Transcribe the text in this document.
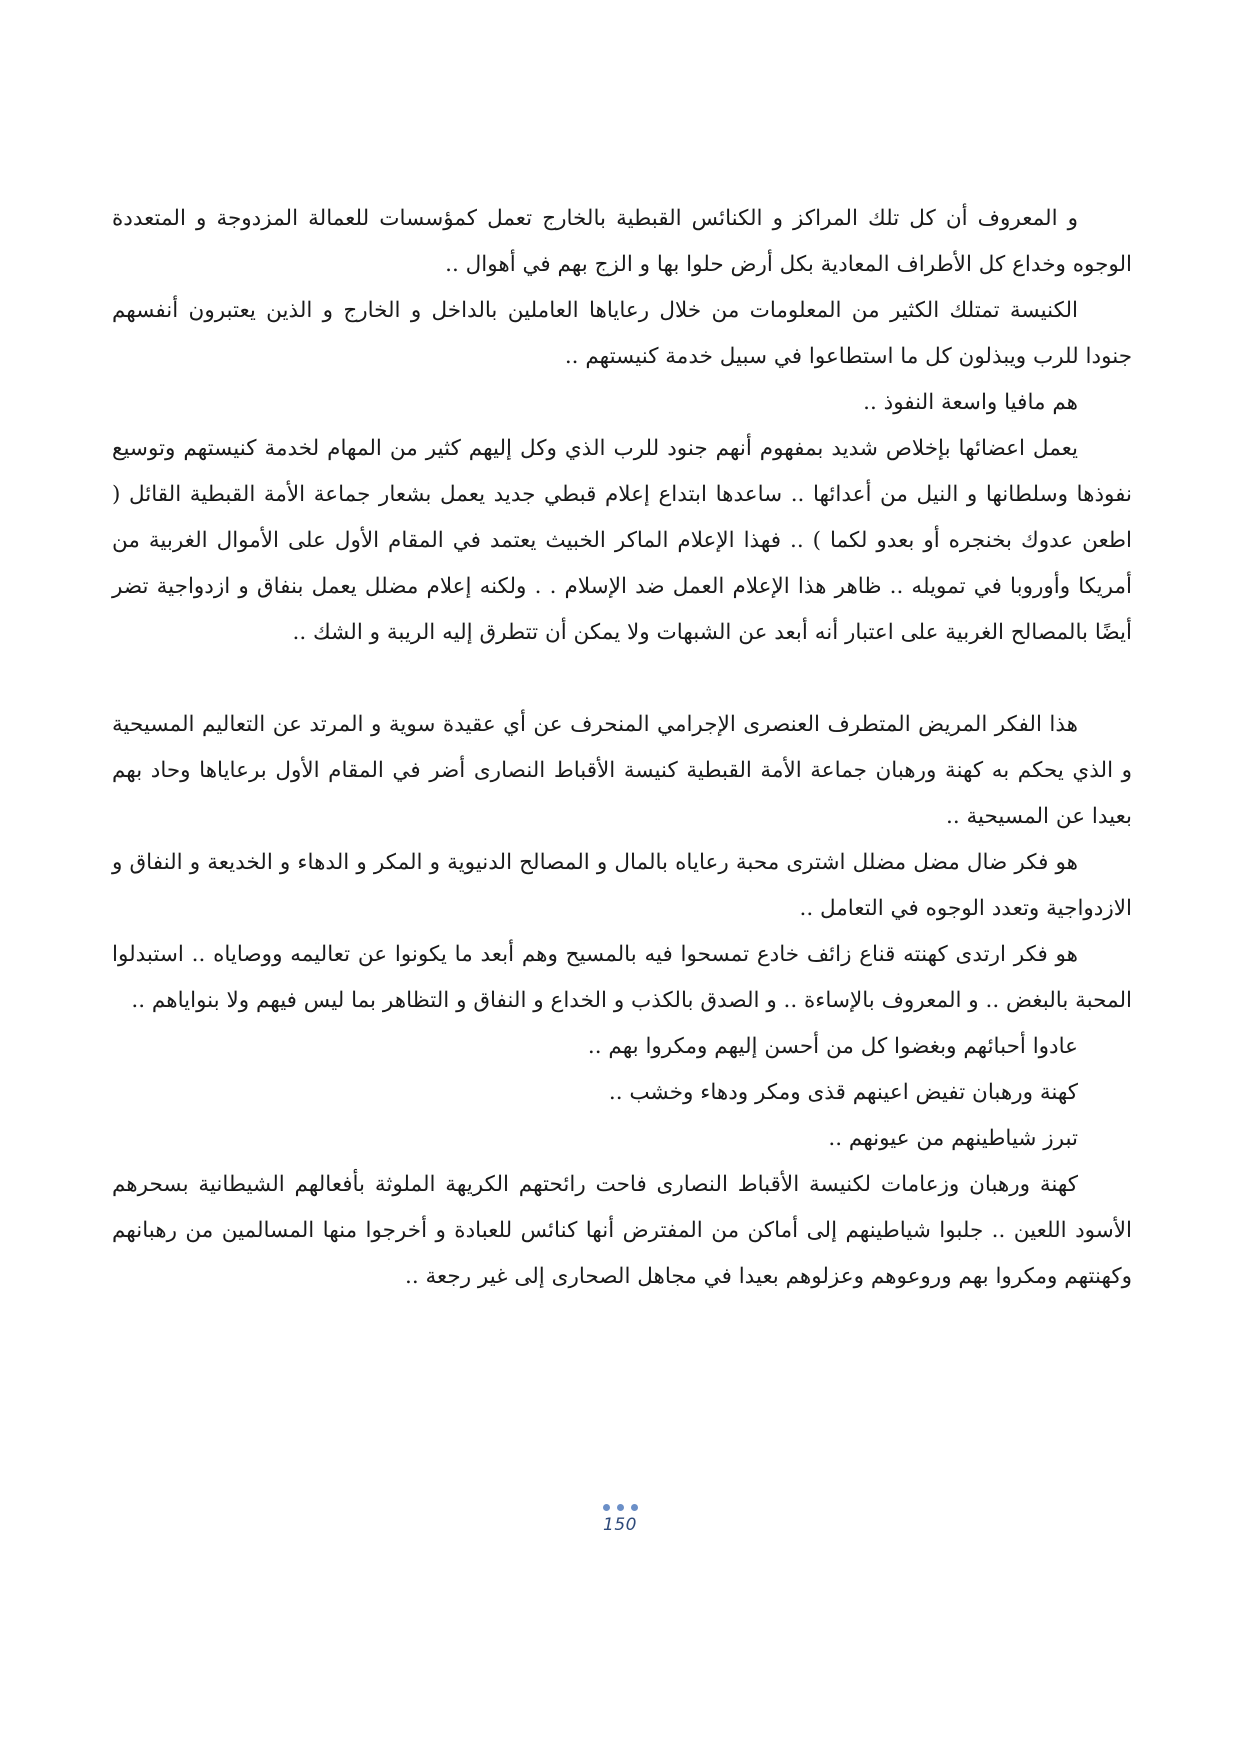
و المعروف أن كل تلك المراكز و الكنائس القبطية بالخارج تعمل كمؤسسات للعمالة المزدوجة و المتعددة الوجوه وخداع كل الأطراف المعادية بكل أرض حلوا بها و الزج بهم في أهوال ..

الكنيسة تمتلك الكثير من المعلومات من خلال رعاياها العاملين بالداخل و الخارج و الذين يعتبرون أنفسهم جنودا للرب ويبذلون كل ما استطاعوا في سبيل خدمة كنيستهم ..

هم مافيا واسعة النفوذ ..

يعمل اعضائها بإخلاص شديد بمفهوم أنهم جنود للرب الذي وكل إليهم كثير من المهام لخدمة كنيستهم وتوسيع نفوذها وسلطانها و النيل من أعدائها .. ساعدها ابتداع إعلام قبطي جديد يعمل بشعار جماعة الأمة القبطية القائل ( اطعن عدوك بخنجره أو بعدو لكما ) .. فهذا الإعلام الماكر الخبيث يعتمد في المقام الأول على الأموال الغربية من أمريكا وأوروبا في تمويله .. ظاهر هذا الإعلام العمل ضد الإسلام . . ولكنه إعلام مضلل يعمل بنفاق و ازدواجية تضر أيضًا بالمصالح الغربية على اعتبار أنه أبعد عن الشبهات ولا يمكن أن تتطرق إليه الريبة و الشك ..

هذا الفكر المريض المتطرف العنصرى الإجرامي المنحرف عن أي عقيدة سوية و المرتد عن التعاليم المسيحية و الذي يحكم به كهنة ورهبان جماعة الأمة القبطية كنيسة الأقباط النصارى أضر في المقام الأول برعاياها وحاد بهم بعيدا عن المسيحية ..

هو فكر ضال مضل مضلل اشترى محبة رعاياه بالمال و المصالح الدنيوية و المكر و الدهاء و الخديعة و النفاق و الازدواجية وتعدد الوجوه في التعامل ..

هو فكر ارتدى كهنته قناع زائف خادع تمسحوا فيه بالمسيح وهم أبعد ما يكونوا عن تعاليمه ووصاياه .. استبدلوا المحبة بالبغض .. و المعروف بالإساءة .. و الصدق بالكذب و الخداع و النفاق و التظاهر بما ليس فيهم ولا بنواياهم ..

عادوا أحبائهم وبغضوا كل من أحسن إليهم ومكروا بهم ..

كهنة ورهبان تفيض اعينهم قذى ومكر ودهاء وخشب ..

تبرز شياطينهم من عيونهم ..

كهنة ورهبان وزعامات لكنيسة الأقباط النصارى فاحت رائحتهم الكريهة الملوثة بأفعالهم الشيطانية بسحرهم الأسود اللعين .. جلبوا شياطينهم إلى أماكن من المفترض أنها كنائس للعبادة و أخرجوا منها المسالمين من رهبانهم وكهنتهم ومكروا بهم وروعوهم وعزلوهم بعيدا في مجاهل الصحارى إلى غير رجعة ..

150
